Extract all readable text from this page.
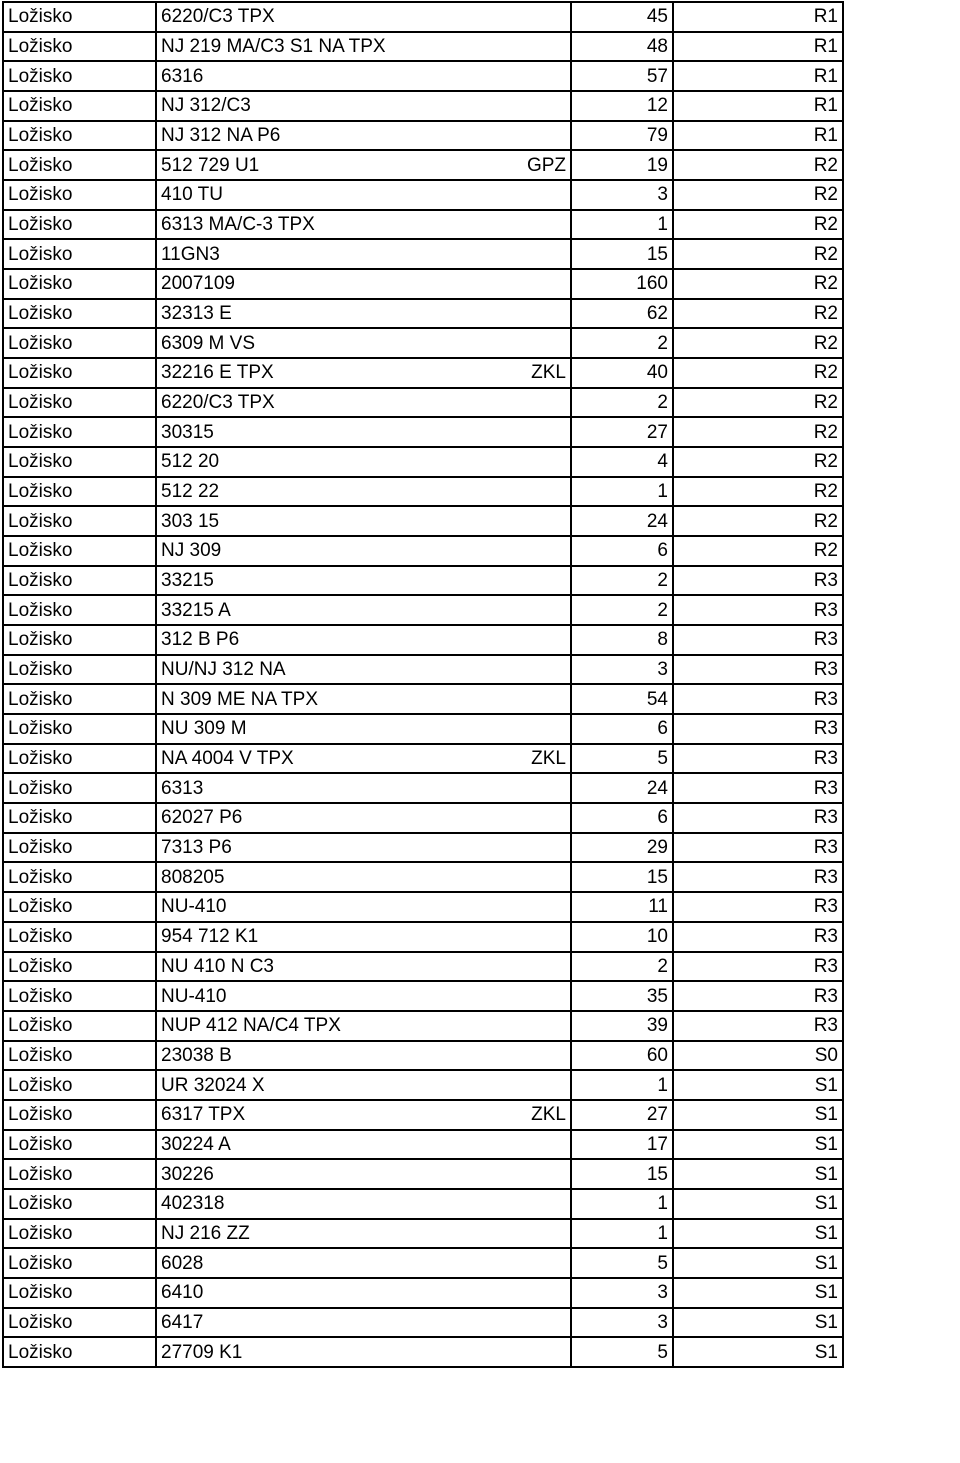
Ložisko	6220/C3 TPX		45	R1
Ložisko	NJ 219 MA/C3 S1 NA TPX		48	R1
Ložisko	6316		57	R1
Ložisko	NJ 312/C3		12	R1
Ložisko	NJ 312 NA P6		79	R1
Ložisko	512 729 U1	GPZ	19	R2
Ložisko	410 TU		3	R2
Ložisko	6313 MA/C-3 TPX		1	R2
Ložisko	11GN3		15	R2
Ložisko	2007109		160	R2
Ložisko	32313 E		62	R2
Ložisko	6309 M VS		2	R2
Ložisko	32216 E TPX	ZKL	40	R2
Ložisko	6220/C3 TPX		2	R2
Ložisko	30315		27	R2
Ložisko	512 20		4	R2
Ložisko	512 22		1	R2
Ložisko	303 15		24	R2
Ložisko	NJ 309		6	R2
Ložisko	33215		2	R3
Ložisko	33215 A		2	R3
Ložisko	312 B P6		8	R3
Ložisko	NU/NJ 312 NA		3	R3
Ložisko	N 309 ME NA TPX		54	R3
Ložisko	NU 309 M		6	R3
Ložisko	NA 4004 V TPX	ZKL	5	R3
Ložisko	6313		24	R3
Ložisko	62027 P6		6	R3
Ložisko	7313 P6		29	R3
Ložisko	808205		15	R3
Ložisko	NU-410		11	R3
Ložisko	954 712 K1		10	R3
Ložisko	NU 410 N C3		2	R3
Ložisko	NU-410		35	R3
Ložisko	NUP 412 NA/C4 TPX		39	R3
Ložisko	23038 B		60	S0
Ložisko	UR 32024 X		1	S1
Ložisko	6317 TPX	ZKL	27	S1
Ložisko	30224 A		17	S1
Ložisko	30226		15	S1
Ložisko	402318		1	S1
Ložisko	NJ 216 ZZ		1	S1
Ložisko	6028		5	S1
Ložisko	6410		3	S1
Ložisko	6417		3	S1
Ložisko	27709 K1		5	S1
